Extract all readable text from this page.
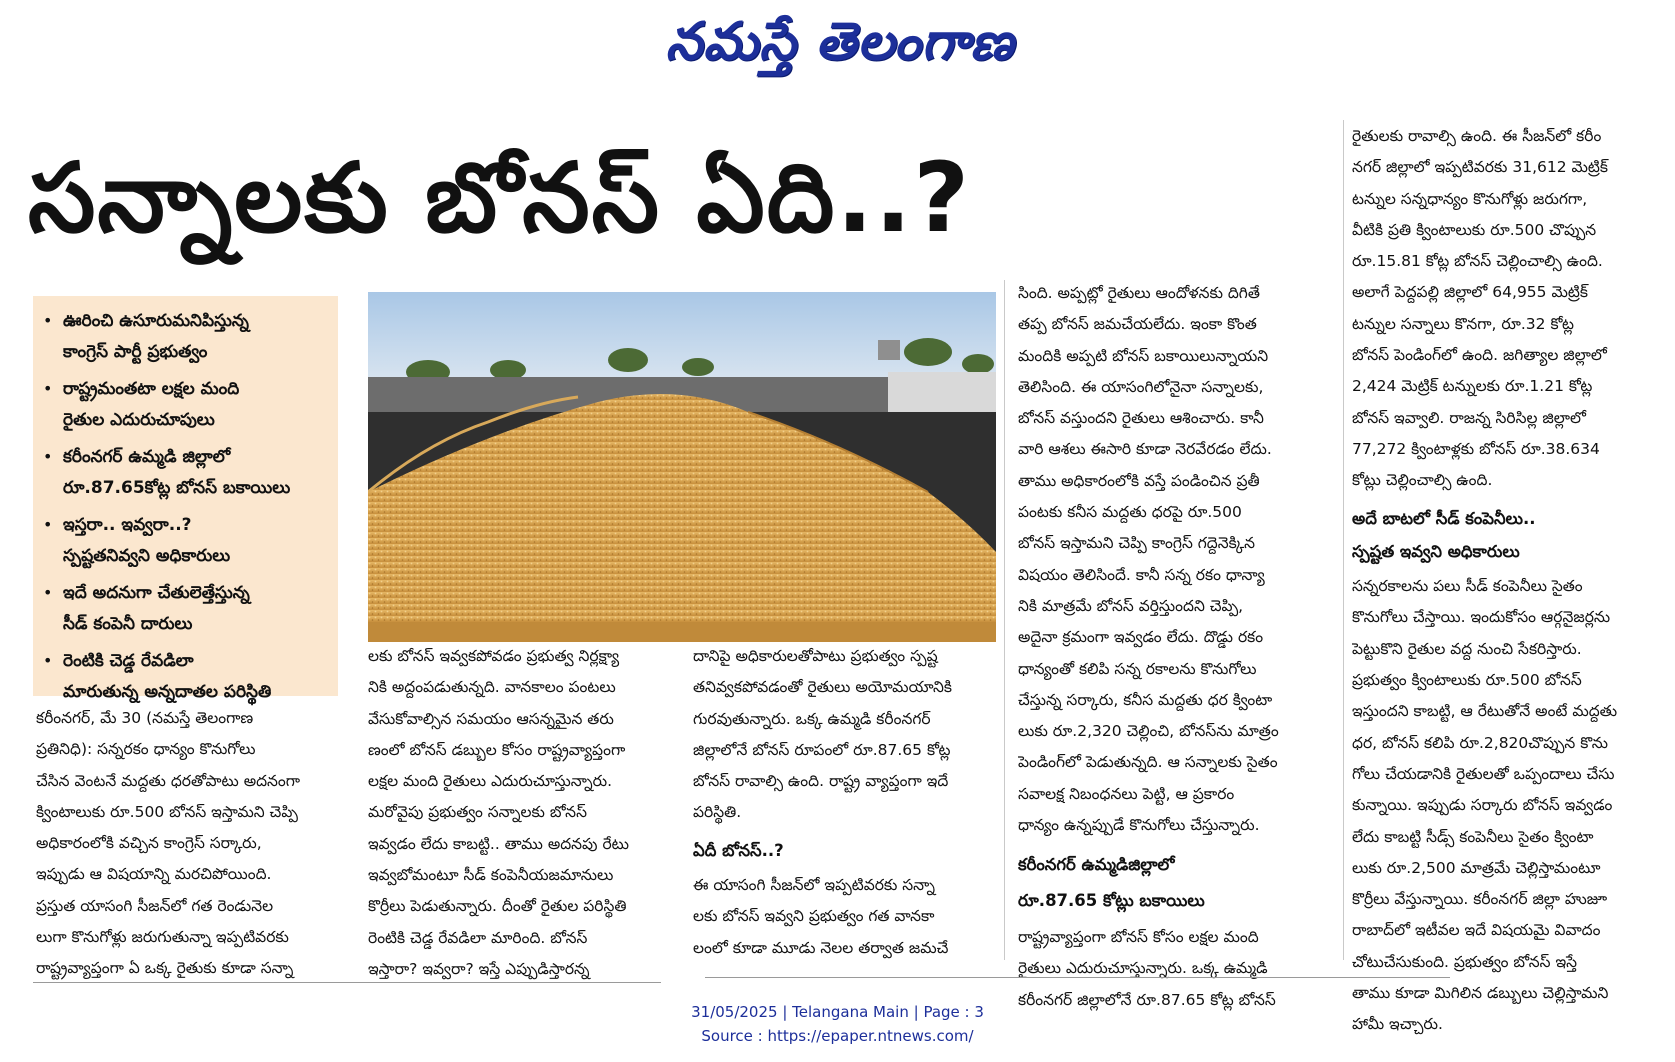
నమస్తే తెలంగాణ
సన్నాలకు బోనస్ ఏది..?
• ఊరించి ఉసూరుమనిపిస్తున్న
కాంగ్రెస్ పార్టీ ప్రభుత్వం
• రాష్ట్రమంతటా లక్షల మంది
రైతుల ఎదురుచూపులు
• కరీంనగర్ ఉమ్మడి జిల్లాలో
రూ.87.65కోట్ల బోనస్ బకాయిలు
• ఇస్తరా.. ఇవ్వరా..?
స్పష్టతనివ్వని అధికారులు
• ఇదే అదనుగా చేతులెత్తేస్తున్న
సీడ్ కంపెనీ దారులు
• రెంటికి చెడ్డ రేవడిలా
మారుతున్న అన్నదాతల పరిస్థితి
కరీంనగర్, మే 30 (నమస్తే తెలంగాణ
ప్రతినిధి): సన్నరకం ధాన్యం కొనుగోలు
చేసిన వెంటనే మద్దతు ధరతోపాటు అదనంగా
క్వింటాలుకు రూ.500 బోనస్ ఇస్తామని చెప్పి
అధికారంలోకి వచ్చిన కాంగ్రెస్ సర్కారు,
ఇప్పుడు ఆ విషయాన్ని మరచిపోయింది.
ప్రస్తుత యాసంగి సీజన్‌లో గత రెండునెల
లుగా కొనుగోళ్లు జరుగుతున్నా ఇప్పటివరకు
రాష్ట్రవ్యాప్తంగా ఏ ఒక్క రైతుకు కూడా సన్నా
లకు బోనస్ ఇవ్వకపోవడం ప్రభుత్వ నిర్లక్ష్యా
నికి అద్దంపడుతున్నది. వానకాలం పంటలు
వేసుకోవాల్సిన సమయం ఆసన్నమైన తరు
ణంలో బోనస్ డబ్బుల కోసం రాష్ట్రవ్యాప్తంగా
లక్షల మంది రైతులు ఎదురుచూస్తున్నారు.
మరోవైపు ప్రభుత్వం సన్నాలకు బోనస్
ఇవ్వడం లేదు కాబట్టి.. తాము అదనపు రేటు
ఇవ్వబోమంటూ సీడ్ కంపెనీయజమానులు
కొర్రీలు పెడుతున్నారు. దీంతో రైతుల పరిస్థితి
రెంటికి చెడ్డ రేవడిలా మారింది. బోనస్
ఇస్తారా? ఇవ్వరా? ఇస్తే ఎప్పుడిస్తారన్న
దానిపై అధికారులతోపాటు ప్రభుత్వం స్పష్ట
తనివ్వకపోవడంతో రైతులు అయోమయానికి
గురవుతున్నారు. ఒక్క ఉమ్మడి కరీంనగర్
జిల్లాలోనే బోనస్ రూపంలో రూ.87.65 కోట్ల
బోనస్ రావాల్సి ఉంది. రాష్ట్ర వ్యాప్తంగా ఇదే
పరిస్థితి.
ఏదీ బోనస్..?
ఈ యాసంగి సీజన్‌లో ఇప్పటివరకు సన్నా
లకు బోనస్ ఇవ్వని ప్రభుత్వం గత వానకా
లంలో కూడా మూడు నెలల తర్వాత జమచే
సింది. అప్పట్లో రైతులు ఆందోళనకు దిగితే
తప్ప బోనస్ జమచేయలేదు. ఇంకా కొంత
మందికి అప్పటి బోనస్ బకాయిలున్నాయని
తెలిసింది. ఈ యాసంగిలోనైనా సన్నాలకు,
బోనస్ వస్తుందని రైతులు ఆశించారు. కానీ
వారి ఆశలు ఈసారి కూడా నెరవేరడం లేదు.
తాము అధికారంలోకి వస్తే పండించిన ప్రతీ
పంటకు కనీస మద్దతు ధరపై రూ.500
బోనస్ ఇస్తామని చెప్పి కాంగ్రెస్ గద్దెనెక్కిన
విషయం తెలిసిందే. కానీ సన్న రకం ధాన్యా
నికి మాత్రమే బోనస్ వర్తిస్తుందని చెప్పి,
అదైనా క్రమంగా ఇవ్వడం లేదు. దొడ్డు రకం
ధాన్యంతో కలిపి సన్న రకాలను కొనుగోలు
చేస్తున్న సర్కారు, కనీస మద్దతు ధర క్వింటా
లుకు రూ.2,320 చెల్లించి, బోనస్‌ను మాత్రం
పెండింగ్‌లో పెడుతున్నది. ఆ సన్నాలకు సైతం
సవాలక్ష నిబంధనలు పెట్టి, ఆ ప్రకారం
ధాన్యం ఉన్నప్పుడే కొనుగోలు చేస్తున్నారు.
కరీంనగర్ ఉమ్మడిజిల్లాలో
రూ.87.65 కోట్లు బకాయిలు
రాష్ట్రవ్యాప్తంగా బోనస్ కోసం లక్షల మంది
రైతులు ఎదురుచూస్తున్నారు. ఒక్క ఉమ్మడి
కరీంనగర్ జిల్లాలోనే రూ.87.65 కోట్ల బోనస్
రైతులకు రావాల్సి ఉంది. ఈ సీజన్‌లో కరీం
నగర్ జిల్లాలో ఇప్పటివరకు 31,612 మెట్రిక్
టన్నుల సన్నధాన్యం కొనుగోళ్లు జరుగగా,
వీటికి ప్రతి క్వింటాలుకు రూ.500 చొప్పున
రూ.15.81 కోట్ల బోనస్ చెల్లించాల్సి ఉంది.
అలాగే పెద్దపల్లి జిల్లాలో 64,955 మెట్రిక్
టన్నుల సన్నాలు కొనగా, రూ.32 కోట్ల
బోనస్ పెండింగ్‌లో ఉంది. జగిత్యాల జిల్లాలో
2,424 మెట్రిక్ టన్నులకు రూ.1.21 కోట్ల
బోనస్ ఇవ్వాలి. రాజన్న సిరిసిల్ల జిల్లాలో
77,272 క్వింటాళ్లకు బోనస్ రూ.38.634
కోట్లు చెల్లించాల్సి ఉంది.
అదే బాటలో సీడ్ కంపెనీలు..
స్పష్టత ఇవ్వని అధికారులు
సన్నరకాలను పలు సీడ్ కంపెనీలు సైతం
కొనుగోలు చేస్తాయి. ఇందుకోసం ఆర్గనైజర్లను
పెట్టుకొని రైతుల వద్ద నుంచి సేకరిస్తారు.
ప్రభుత్వం క్వింటాలుకు రూ.500 బోనస్
ఇస్తుందని కాబట్టి, ఆ రేటుతోనే అంటే మద్దతు
ధర, బోనస్ కలిపి రూ.2,820చొప్పున కొను
గోలు చేయడానికి రైతులతో ఒప్పందాలు చేసు
కున్నాయి. ఇప్పుడు సర్కారు బోనస్ ఇవ్వడం
లేదు కాబట్టి సీడ్స్ కంపెనీలు సైతం క్వింటా
లుకు రూ.2,500 మాత్రమే చెల్లిస్తామంటూ
కొర్రీలు వేస్తున్నాయి. కరీంనగర్ జిల్లా హుజూ
రాబాద్‌లో ఇటీవల ఇదే విషయమై వివాదం
చోటుచేసుకుంది. ప్రభుత్వం బోనస్ ఇస్తే
తాము కూడా మిగిలిన డబ్బులు చెల్లిస్తామని
హామీ ఇచ్చారు.
31/05/2025 | Telangana Main | Page : 3
Source : https://epaper.ntnews.com/
